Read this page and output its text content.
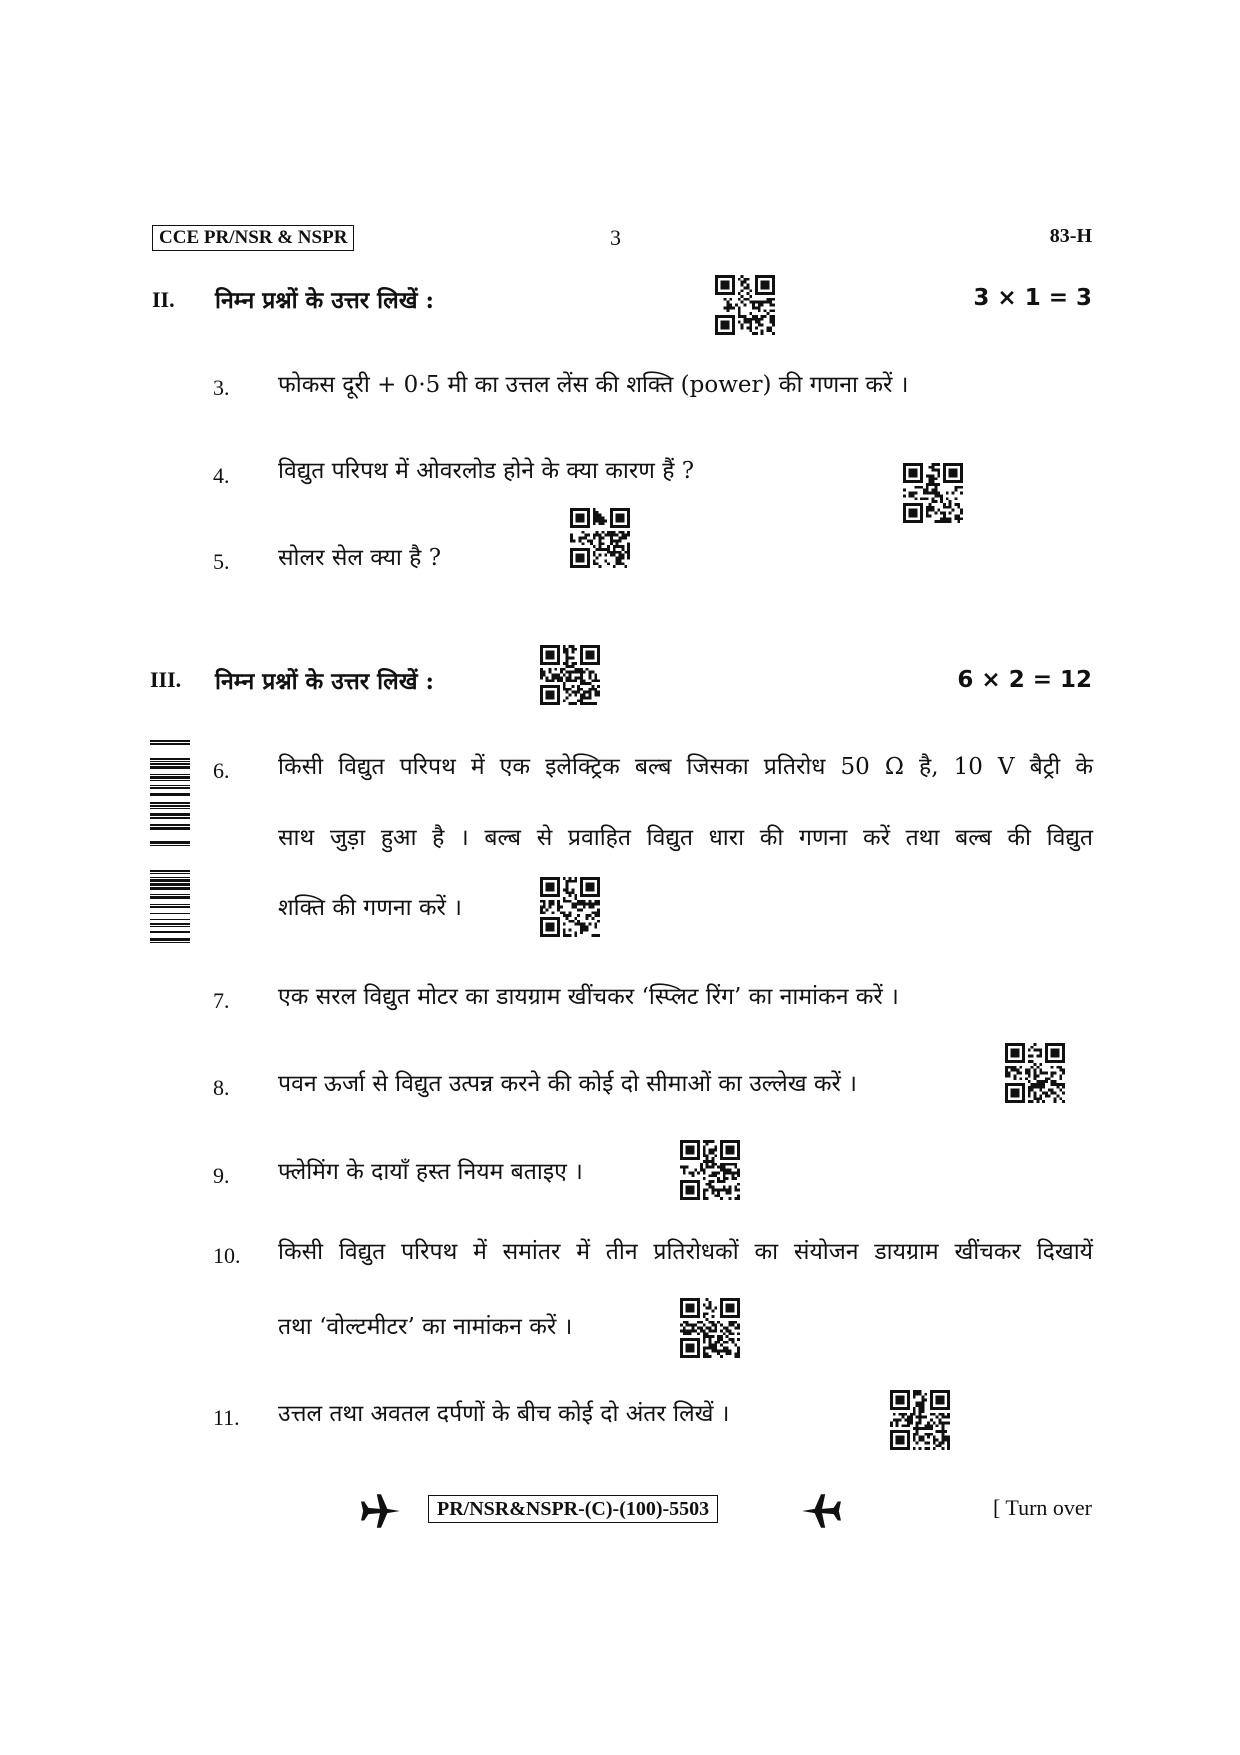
CCE PR/NSR & NSPR	3	83-H
II. निम्न प्रश्नों के उत्तर लिखें :	3 × 1 = 3
3. फोकस दूरी + 0·5 मी का उत्तल लेंस की शक्ति (power) की गणना करें ।
4. विद्युत परिपथ में ओवरलोड होने के क्या कारण हैं ?
5. सोलर सेल क्या है ?
III. निम्न प्रश्नों के उत्तर लिखें :	6 × 2 = 12
6. किसी विद्युत परिपथ में एक इलेक्ट्रिक बल्ब जिसका प्रतिरोध 50 Ω है, 10 V बैट्री के
साथ जुड़ा हुआ है । बल्ब से प्रवाहित विद्युत धारा की गणना करें तथा बल्ब की विद्युत
शक्ति की गणना करें ।
7. एक सरल विद्युत मोटर का डायग्राम खींचकर ‘स्प्लिट रिंग’ का नामांकन करें ।
8. पवन ऊर्जा से विद्युत उत्पन्न करने की कोई दो सीमाओं का उल्लेख करें ।
9. फ्लेमिंग के दायाँ हस्त नियम बताइए ।
10. किसी विद्युत परिपथ में समांतर में तीन प्रतिरोधकों का संयोजन डायग्राम खींचकर दिखायें
तथा ‘वोल्टमीटर’ का नामांकन करें ।
11. उत्तल तथा अवतल दर्पणों के बीच कोई दो अंतर लिखें ।
PR/NSR&NSPR-(C)-(100)-5503	[ Turn over
